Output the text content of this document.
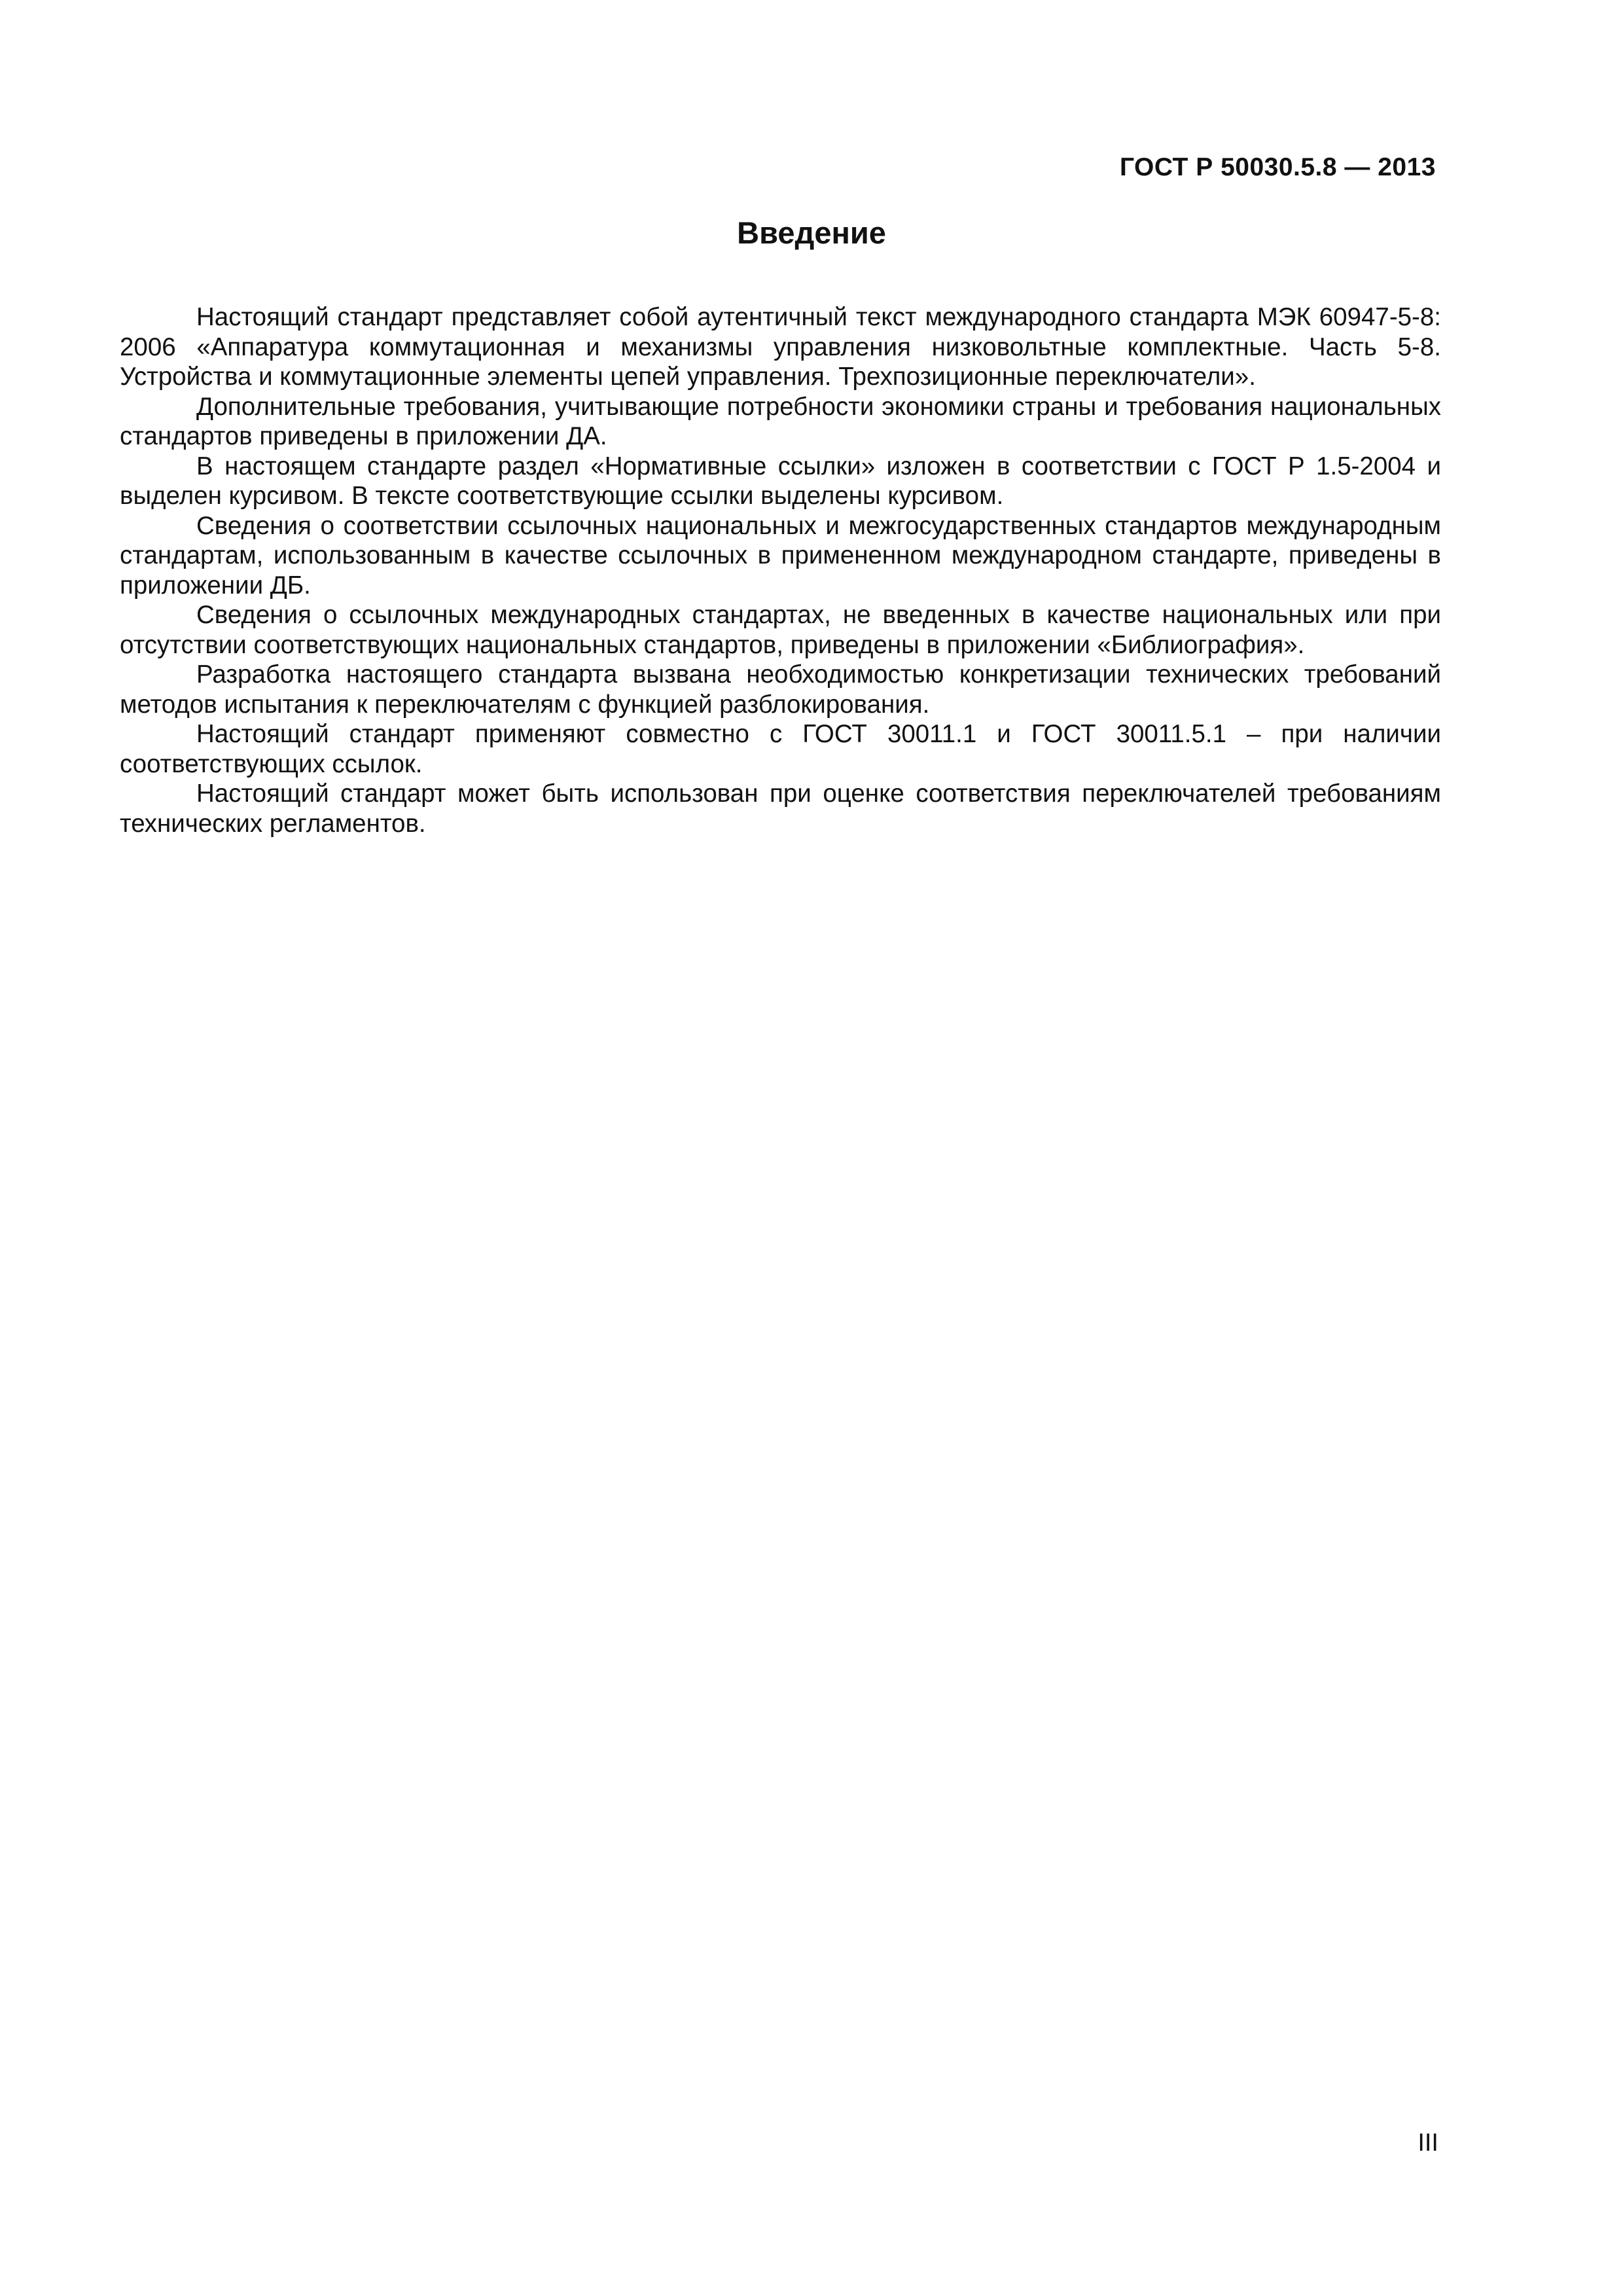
ГОСТ Р 50030.5.8 — 2013
Введение

Настоящий стандарт представляет собой аутентичный текст международного стандарта МЭК 60947-5-8: 2006 «Аппаратура коммутационная и механизмы управления низковольтные комплектные. Часть 5-8. Устройства и коммутационные элементы цепей управления. Трехпозиционные переключатели».

Дополнительные требования, учитывающие потребности экономики страны и требования национальных стандартов приведены в приложении ДА.

В настоящем стандарте раздел «Нормативные ссылки» изложен в соответствии с ГОСТ Р 1.5-2004 и выделен курсивом. В тексте соответствующие ссылки выделены курсивом.

Сведения о соответствии ссылочных национальных и межгосударственных стандартов международным стандартам, использованным в качестве ссылочных в примененном международном стандарте, приведены в приложении ДБ.

Сведения о ссылочных международных стандартах, не введенных в качестве национальных или при отсутствии соответствующих национальных стандартов, приведены в приложении «Библиография».

Разработка настоящего стандарта вызвана необходимостью конкретизации технических требований методов испытания к переключателям с функцией разблокирования.

Настоящий стандарт применяют совместно с ГОСТ 30011.1 и ГОСТ 30011.5.1 – при наличии соответствующих ссылок.

Настоящий стандарт может быть использован при оценке соответствия переключателей требованиям технических регламентов.

III
